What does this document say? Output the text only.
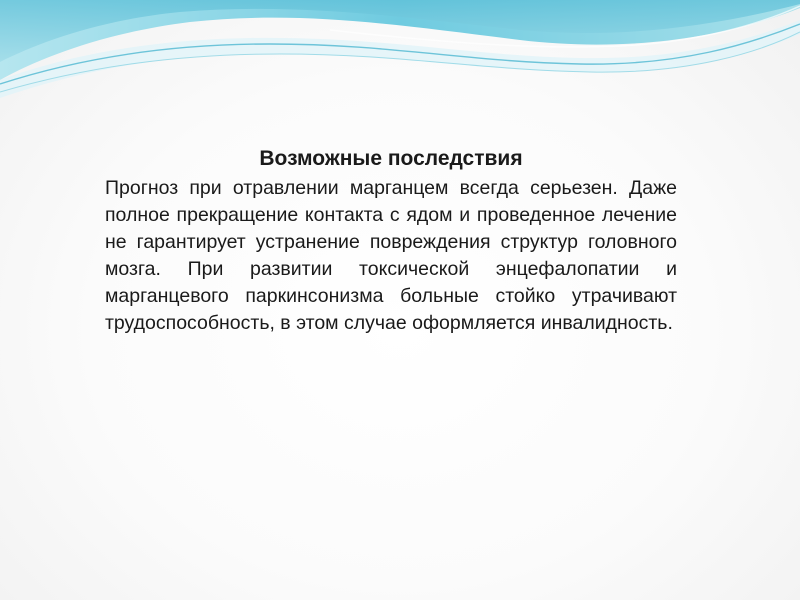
Возможные последствия

Прогноз при отравлении марганцем всегда серьезен. Даже полное прекращение контакта с ядом и проведенное лечение не гарантирует устранение повреждения структур головного мозга. При развитии токсической энцефалопатии и марганцевого паркинсонизма больные стойко утрачивают трудоспособность, в этом случае оформляется инвалидность.
